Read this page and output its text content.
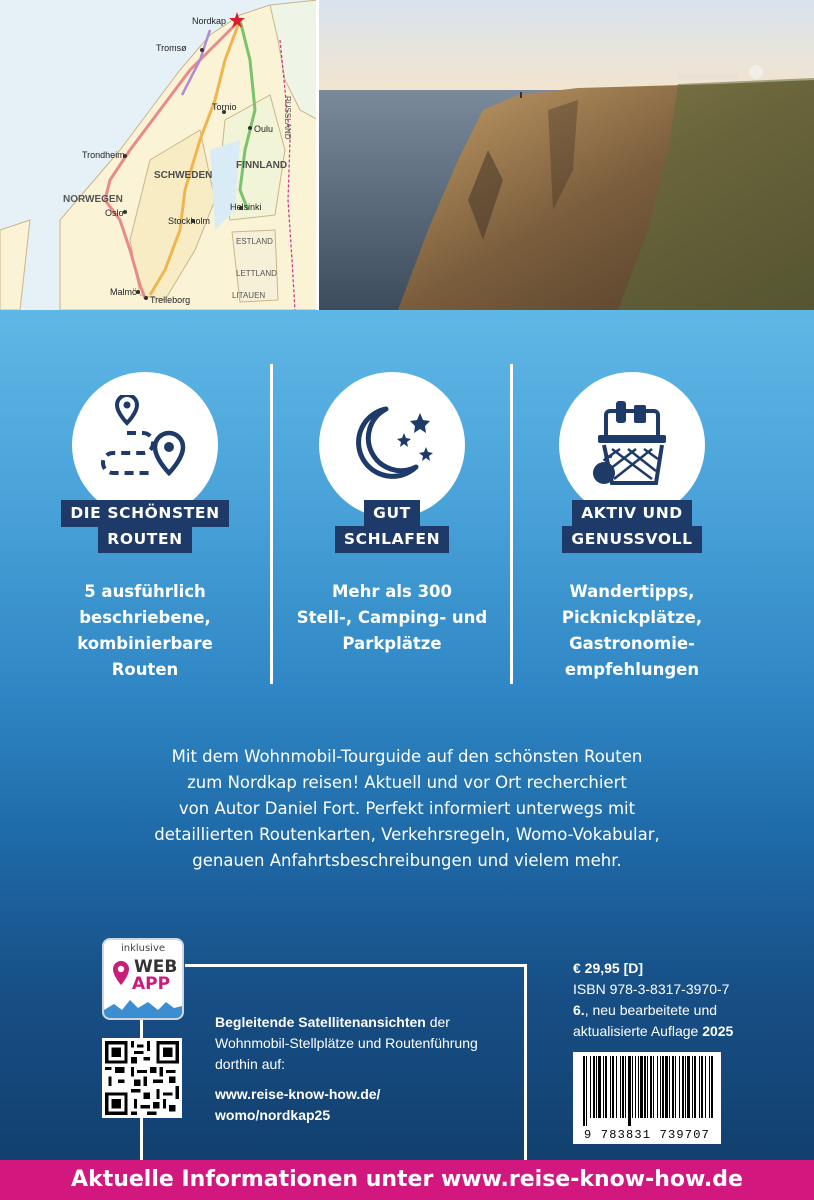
Nordkap
Tromsø
Tornio
Oulu
Trondheim
Oslo
Helsinki
Stockholm
Malmö
Trelleborg
SCHWEDEN
FINNLAND
NORWEGEN
RUSSLAND
ESTLAND
LETTLAND
LITAUEN
DIE SCHÖNSTEN
ROUTEN
5 ausführlich
beschriebene,
kombinierbare
Routen
GUT
SCHLAFEN
Mehr als 300
Stell-, Camping- und
Parkplätze
AKTIV UND
GENUSSVOLL
Wandertipps,
Picknickplätze,
Gastronomie-
empfehlungen
Mit dem Wohnmobil-Tourguide auf den schönsten Routen
zum Nordkap reisen! Aktuell und vor Ort recherchiert
von Autor Daniel Fort. Perfekt informiert unterwegs mit
detaillierten Routenkarten, Verkehrsregeln, Womo-Vokabular,
genauen Anfahrtsbeschreibungen und vielem mehr.
inklusive
WEB
APP
Begleitende Satellitenansichten der
Wohnmobil-Stellplätze und Routenführung
dorthin auf:
www.reise-know-how.de/
womo/nordkap25
€ 29,95 [D]
ISBN 978-3-8317-3970-7
6., neu bearbeitete und
aktualisierte Auflage 2025
9 783831 739707
Aktuelle Informationen unter www.reise-know-how.de
